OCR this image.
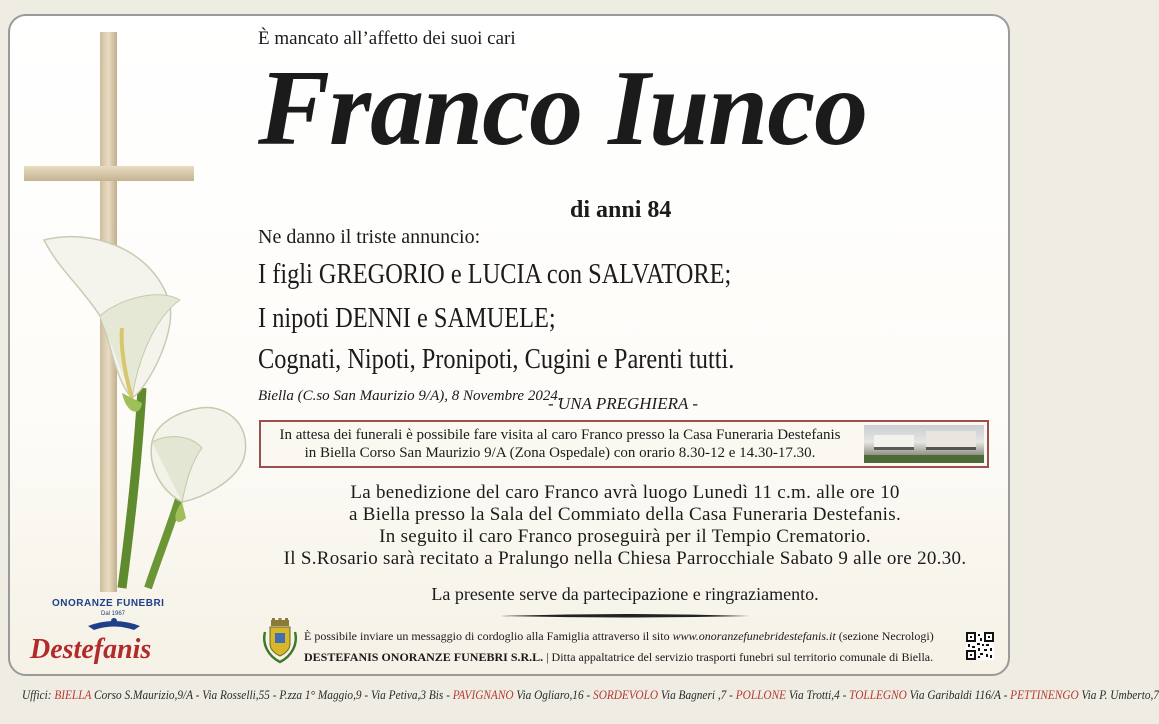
È mancato all’affetto dei suoi cari
Franco Iunco
di anni 84
Ne danno il triste annuncio:
I figli GREGORIO e LUCIA con SALVATORE;
I nipoti DENNI e SAMUELE;
Cognati, Nipoti, Pronipoti, Cugini e Parenti tutti.
Biella (C.so San Maurizio 9/A), 8 Novembre 2024.
- UNA PREGHIERA -
In attesa dei funerali è possibile fare visita al caro Franco presso la Casa Funeraria Destefanis
in Biella Corso San Maurizio 9/A (Zona Ospedale) con orario 8.30-12 e 14.30-17.30.
La benedizione del caro Franco avrà luogo Lunedì 11 c.m. alle ore 10
a Biella presso la Sala del Commiato della Casa Funeraria Destefanis.
In seguito il caro Franco proseguirà per il Tempio Crematorio.
Il S.Rosario sarà recitato a Pralungo nella Chiesa Parrocchiale Sabato 9 alle ore 20.30.
La presente serve da partecipazione e ringraziamento.
È possibile inviare un messaggio di cordoglio alla Famiglia attraverso il sito www.onoranzefunebridestefanis.it (sezione Necrologi)
DESTEFANIS ONORANZE FUNEBRI S.R.L. | Ditta appaltatrice del servizio trasporti funebri sul territorio comunale di Biella.
ONORANZE FUNEBRI
Dal 1967
Destefanis
Uffici: BIELLA Corso S.Maurizio,9/A - Via Rosselli,55 - P.zza 1° Maggio,9 - Via Petiva,3 Bis - PAVIGNANO Via Ogliaro,16 - SORDEVOLO Via Bagneri ,7 - POLLONE Via Trotti,4 - TOLLEGNO Via Garibaldi 116/A - PETTINENGO Via P. Umberto,7
